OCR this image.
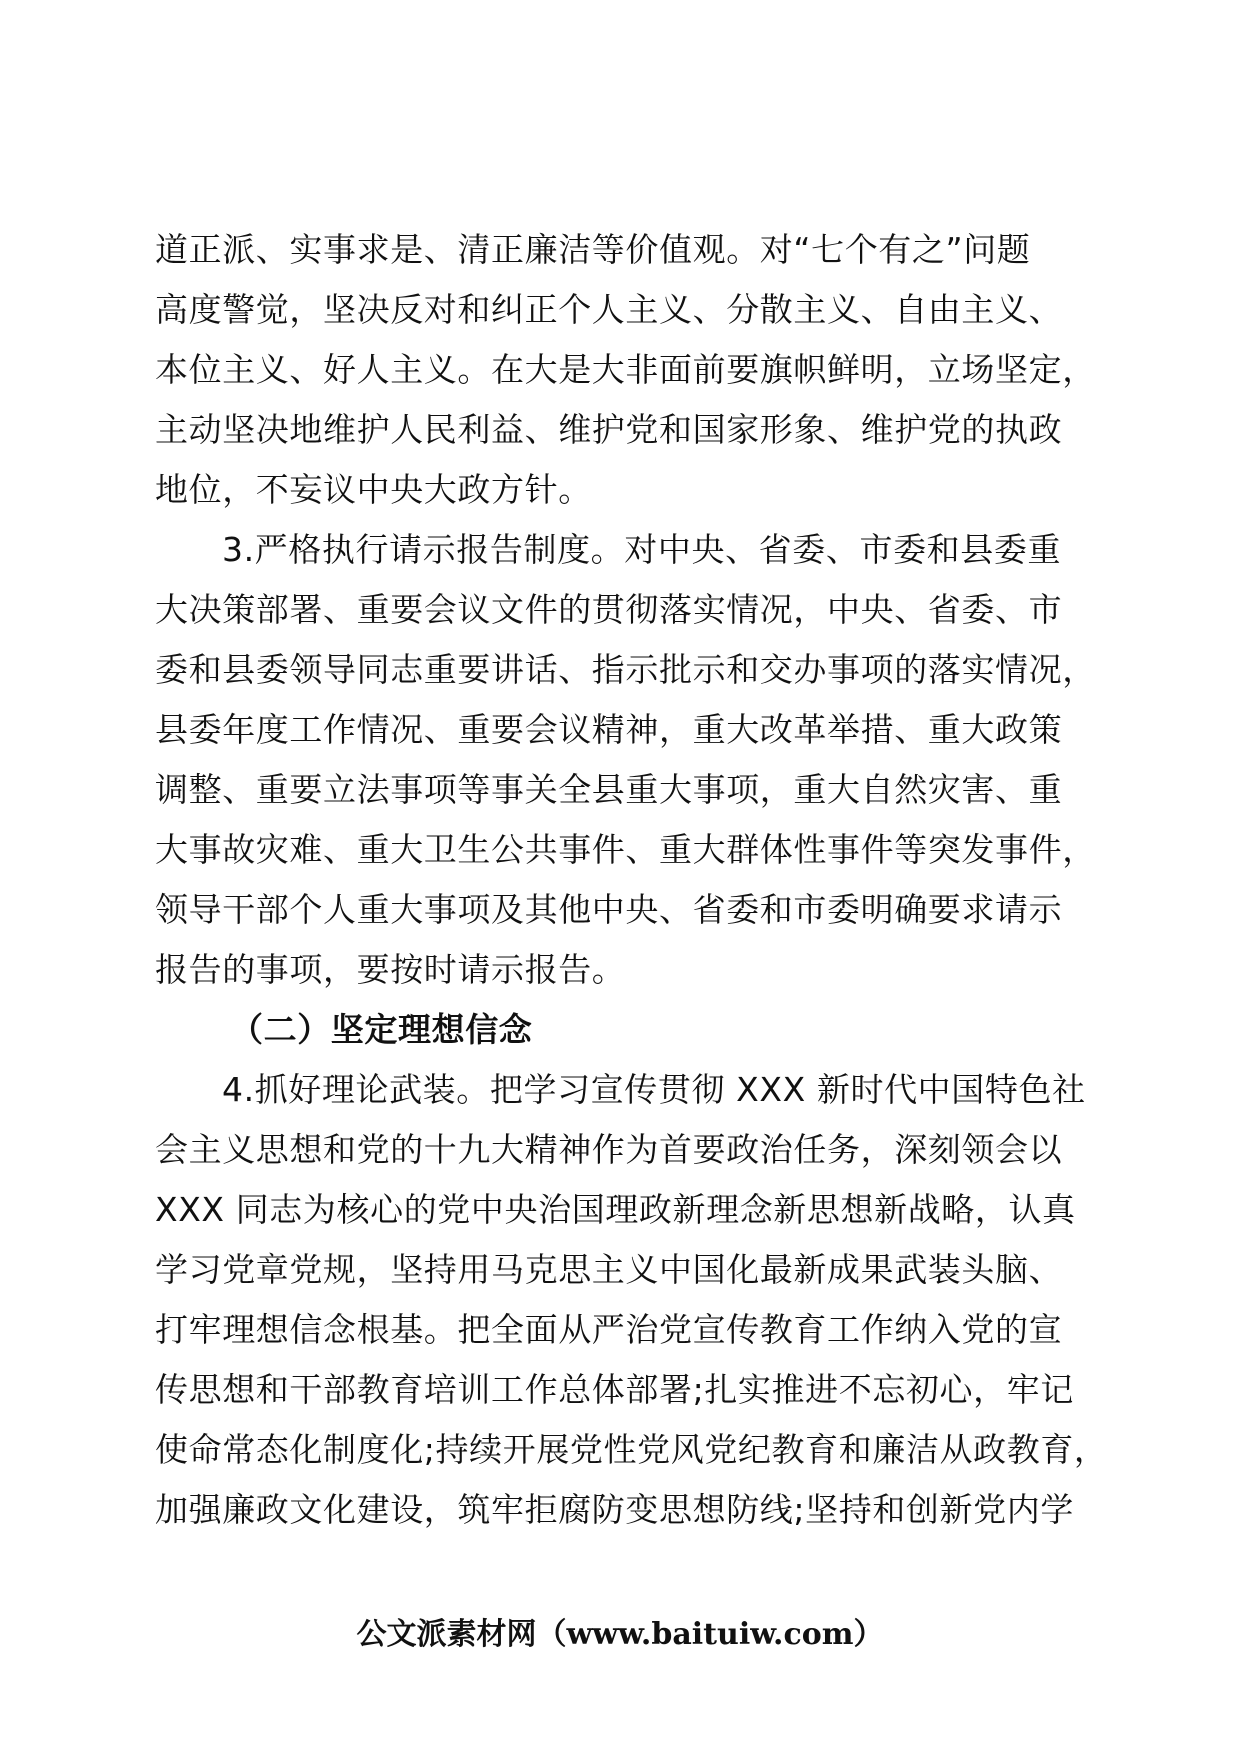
道正派、实事求是、清正廉洁等价值观。对“七个有之”问题
高度警觉，坚决反对和纠正个人主义、分散主义、自由主义、
本位主义、好人主义。在大是大非面前要旗帜鲜明，立场坚定，
主动坚决地维护人民利益、维护党和国家形象、维护党的执政
地位，不妄议中央大政方针。
3.严格执行请示报告制度。对中央、省委、市委和县委重
大决策部署、重要会议文件的贯彻落实情况，中央、省委、市
委和县委领导同志重要讲话、指示批示和交办事项的落实情况，
县委年度工作情况、重要会议精神，重大改革举措、重大政策
调整、重要立法事项等事关全县重大事项，重大自然灾害、重
大事故灾难、重大卫生公共事件、重大群体性事件等突发事件，
领导干部个人重大事项及其他中央、省委和市委明确要求请示
报告的事项，要按时请示报告。
（二）坚定理想信念
4.抓好理论武装。把学习宣传贯彻 XXX 新时代中国特色社
会主义思想和党的十九大精神作为首要政治任务，深刻领会以
XXX 同志为核心的党中央治国理政新理念新思想新战略，认真
学习党章党规，坚持用马克思主义中国化最新成果武装头脑、
打牢理想信念根基。把全面从严治党宣传教育工作纳入党的宣
传思想和干部教育培训工作总体部署;扎实推进不忘初心，牢记
使命常态化制度化;持续开展党性党风党纪教育和廉洁从政教育，
加强廉政文化建设，筑牢拒腐防变思想防线;坚持和创新党内学
公文派素材网（www.baituiw.com）
